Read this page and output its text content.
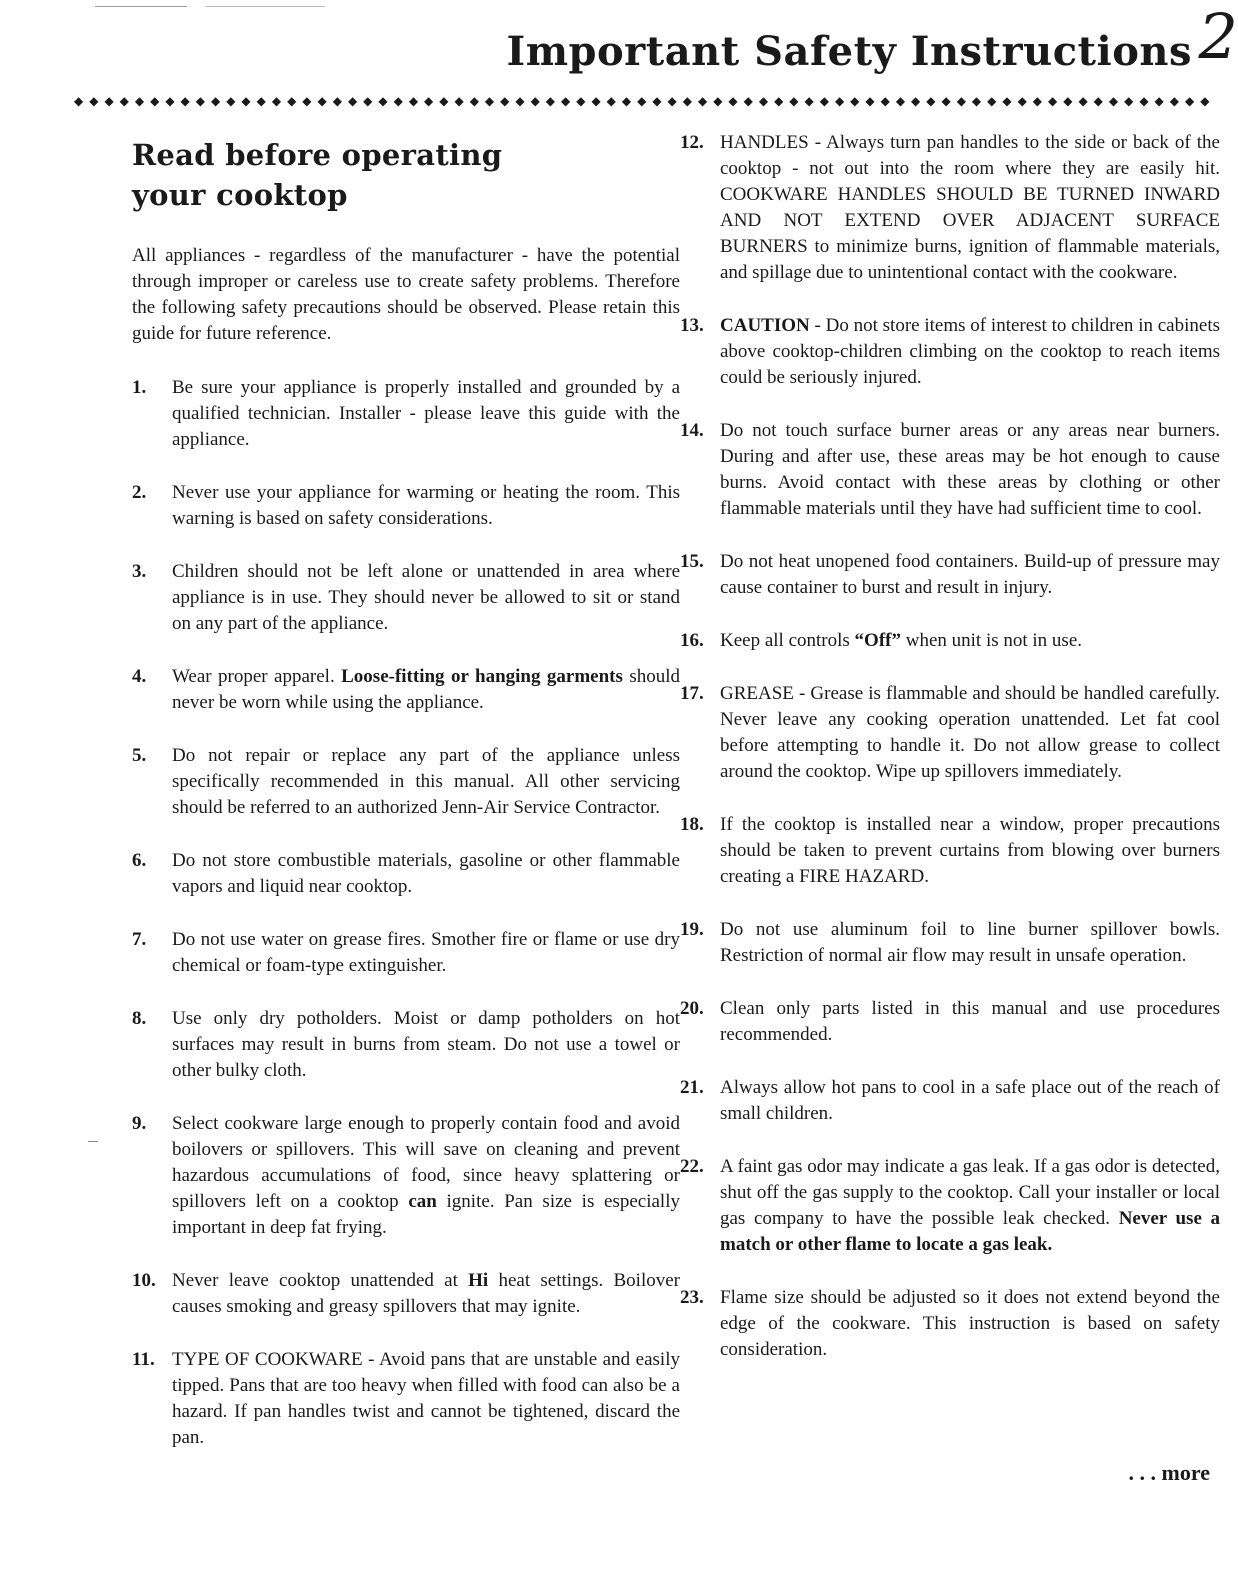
Important Safety Instructions 2
◆ ◆ ◆ ◆ ◆ ◆ ◆ ◆ ◆ ◆ ◆ ◆ ◆ ◆ ◆ ◆ ◆ ◆ ◆ ◆ ◆ ◆ ◆ ◆ ◆ ◆ ◆ ◆ ◆ ◆ ◆ ◆ ◆ ◆ ◆ ◆ ◆ ◆ ◆ ◆ ◆ ◆ ◆ ◆ ◆ ◆ ◆ ◆ ◆ ◆ ◆ ◆ ◆ ◆ ◆ ◆ ◆ ◆ ◆ ◆ ◆ ◆ ◆ ◆ ◆ ◆ ◆ ◆ ◆ ◆ ◆ ◆ ◆ ◆ ◆
Read before operating your cooktop

All appliances - regardless of the manufacturer - have the potential through improper or careless use to create safety problems. Therefore the following safety precautions should be observed. Please retain this guide for future reference.

1.	Be sure your appliance is properly installed and grounded by a qualified technician. Installer - please leave this guide with the appliance.
2.	Never use your appliance for warming or heating the room. This warning is based on safety considerations.
3.	Children should not be left alone or unattended in area where appliance is in use. They should never be allowed to sit or stand on any part of the appliance.
4.	Wear proper apparel. Loose-fitting or hanging garments should never be worn while using the appliance.
5.	Do not repair or replace any part of the appliance unless specifically recommended in this manual. All other servicing should be referred to an authorized Jenn-Air Service Contractor.
6.	Do not store combustible materials, gasoline or other flammable vapors and liquid near cooktop.
7.	Do not use water on grease fires. Smother fire or flame or use dry chemical or foam-type extinguisher.
8.	Use only dry potholders. Moist or damp potholders on hot surfaces may result in burns from steam. Do not use a towel or other bulky cloth.
9.	Select cookware large enough to properly contain food and avoid boilovers or spillovers. This will save on cleaning and prevent hazardous accumulations of food, since heavy splattering or spillovers left on a cooktop can ignite. Pan size is especially important in deep fat frying.
10. Never leave cooktop unattended at Hi heat settings. Boilover causes smoking and greasy spillovers that may ignite.
11. TYPE OF COOKWARE - Avoid pans that are unstable and easily tipped. Pans that are too heavy when filled with food can also be a hazard. If pan handles twist and cannot be tightened, discard the pan.
12. HANDLES - Always turn pan handles to the side or back of the cooktop - not out into the room where they are easily hit. COOKWARE HANDLES SHOULD BE TURNED INWARD AND NOT EXTEND OVER ADJACENT SURFACE BURNERS to minimize burns, ignition of flammable materials, and spillage due to unintentional contact with the cookware.
13. CAUTION - Do not store items of interest to children in cabinets above cooktop-children climbing on the cooktop to reach items could be seriously injured.
14. Do not touch surface burner areas or any areas near burners. During and after use, these areas may be hot enough to cause burns. Avoid contact with these areas by clothing or other flammable materials until they have had sufficient time to cool.
15. Do not heat unopened food containers. Build-up of pressure may cause container to burst and result in injury.
16. Keep all controls “Off” when unit is not in use.
17. GREASE - Grease is flammable and should be handled carefully. Never leave any cooking operation unattended. Let fat cool before attempting to handle it. Do not allow grease to collect around the cooktop. Wipe up spillovers immediately.
18. If the cooktop is installed near a window, proper precautions should be taken to prevent curtains from blowing over burners creating a FIRE HAZARD.
19. Do not use aluminum foil to line burner spillover bowls. Restriction of normal air flow may result in unsafe operation.
20. Clean only parts listed in this manual and use procedures recommended.
21. Always allow hot pans to cool in a safe place out of the reach of small children.
22. A faint gas odor may indicate a gas leak. If a gas odor is detected, shut off the gas supply to the cooktop. Call your installer or local gas company to have the possible leak checked. Never use a match or other flame to locate a gas leak.
23. Flame size should be adjusted so it does not extend beyond the edge of the cookware. This instruction is based on safety consideration.
. . . more
